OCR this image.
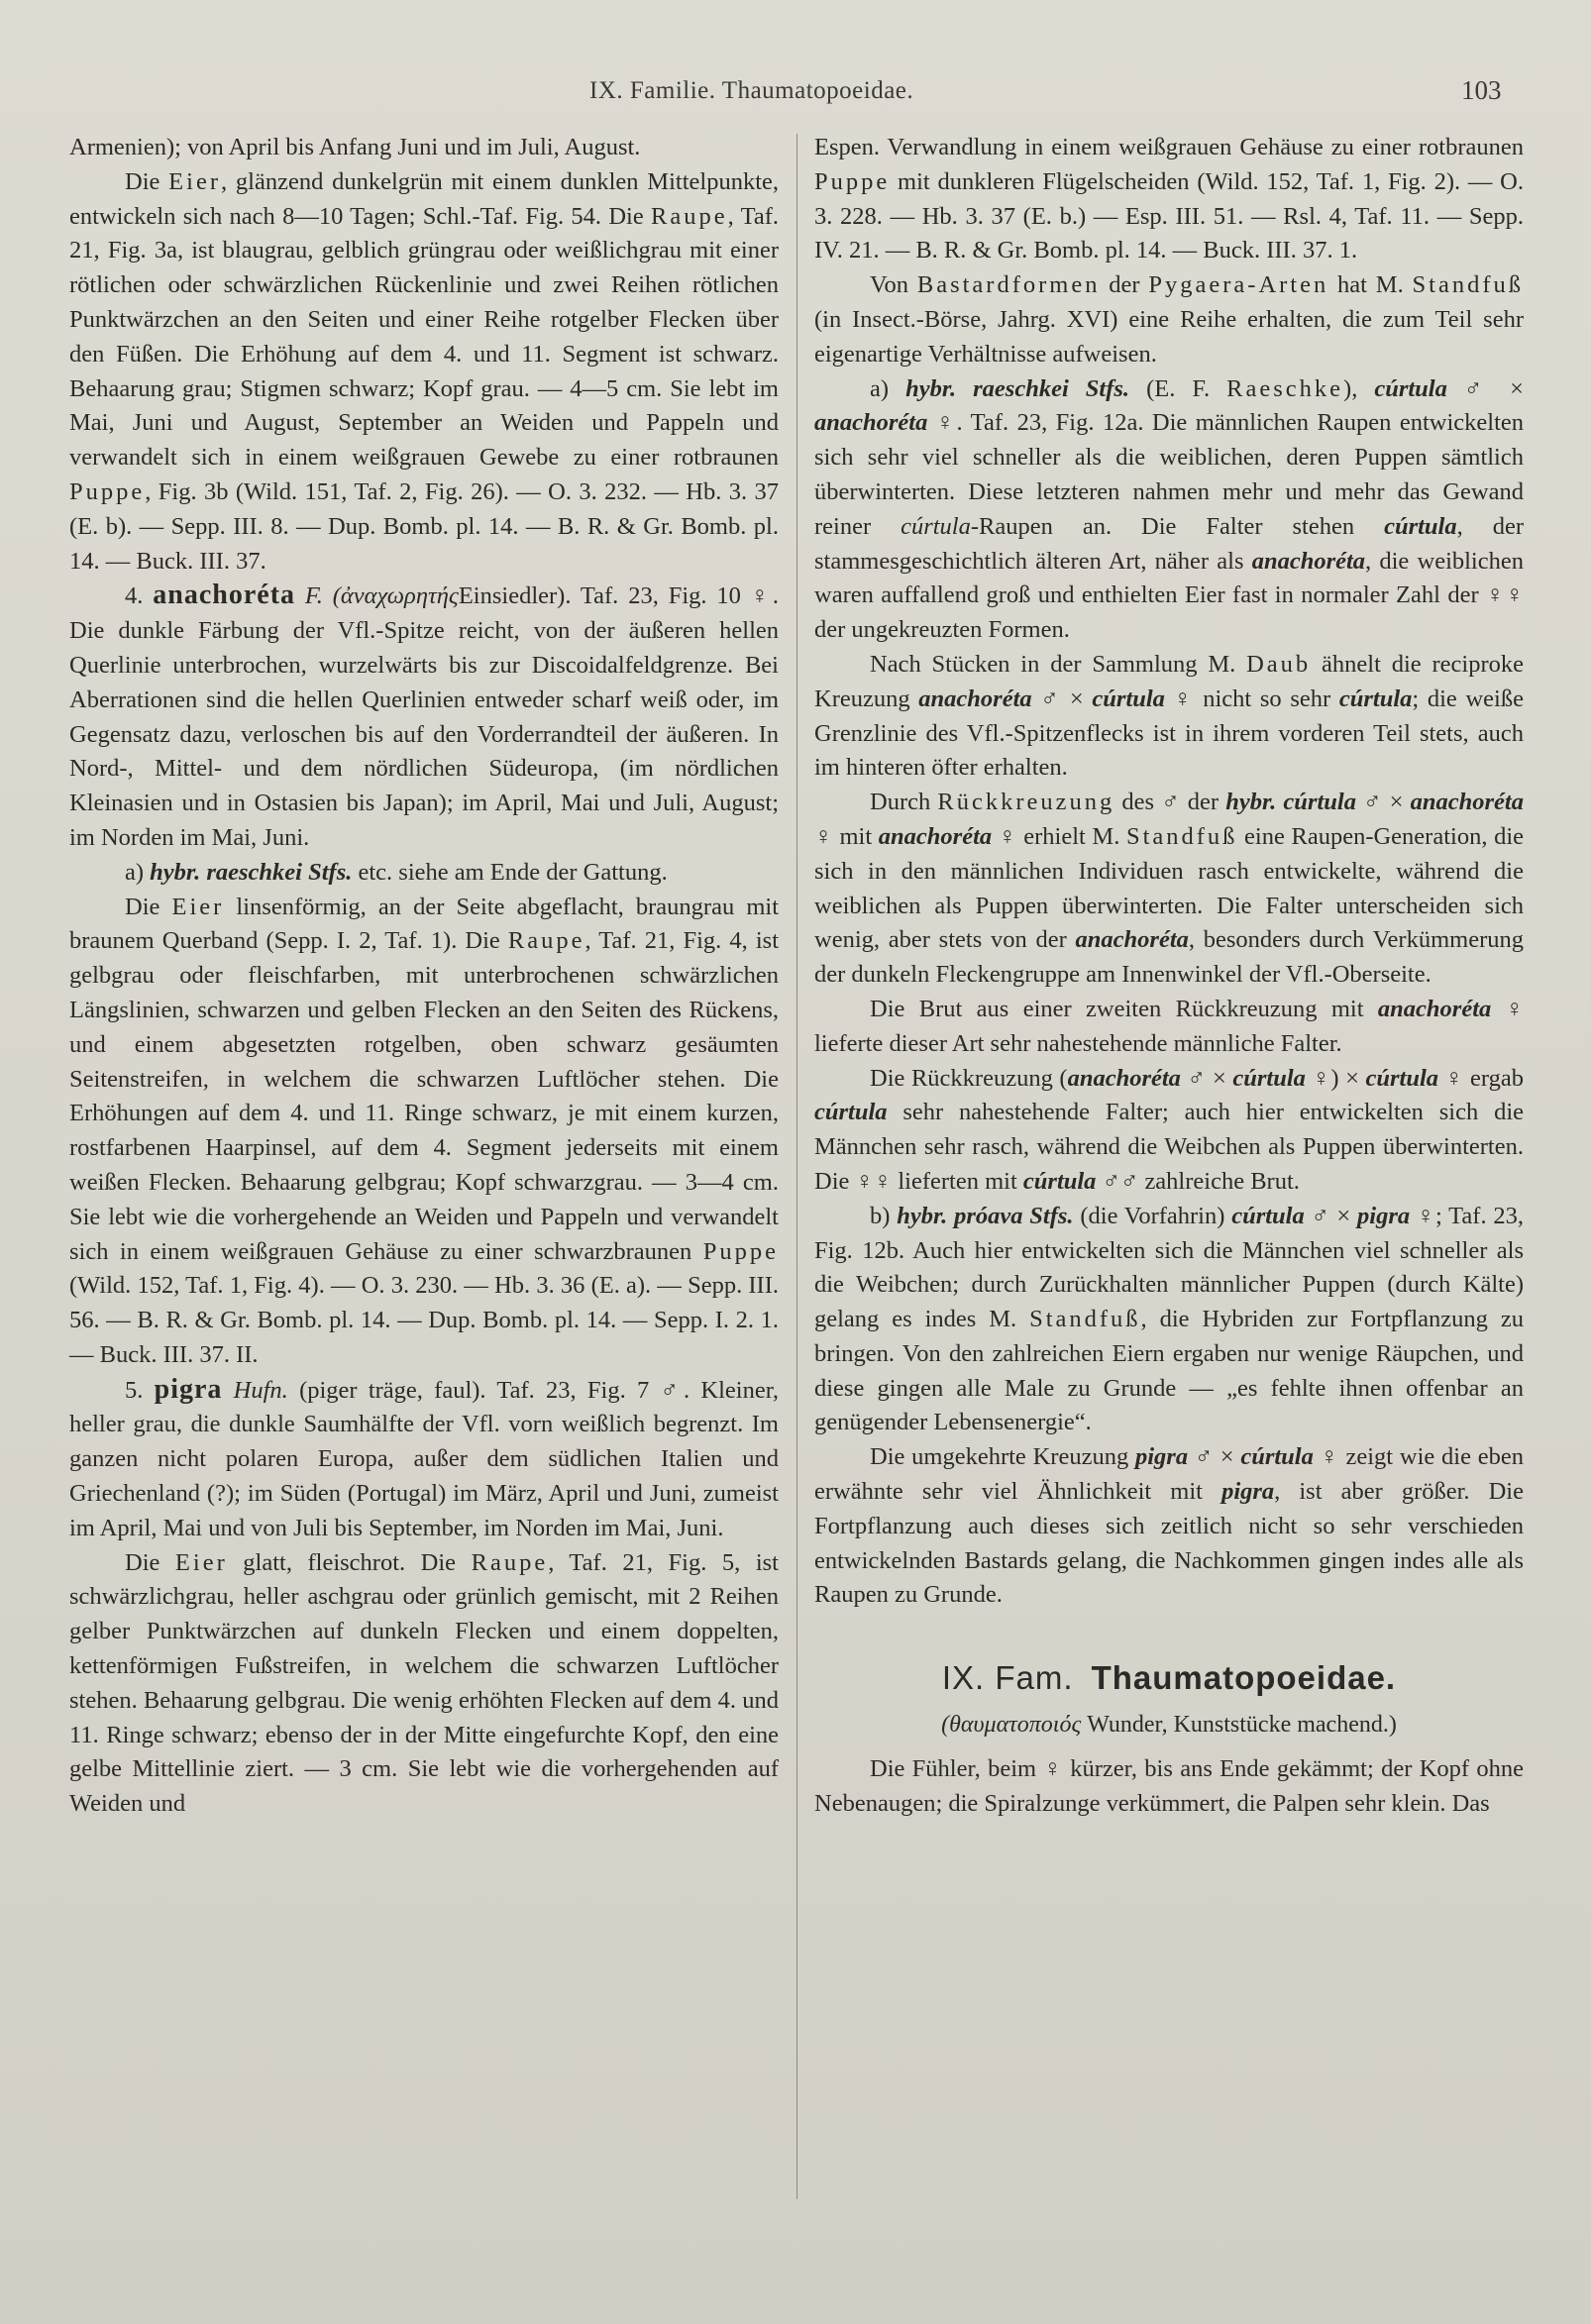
IX. Familie. Thaumatopoeidae.	103

Armenien); von April bis Anfang Juni und im Juli, August.

Die Eier, glänzend dunkelgrün mit einem dunklen Mittelpunkte, entwickeln sich nach 8—10 Tagen; Schl.-Taf. Fig. 54. Die Raupe, Taf. 21, Fig. 3a, ist blaugrau, gelblich grüngrau oder weißlichgrau mit einer rötlichen oder schwärzlichen Rückenlinie und zwei Reihen rötlichen Punktwärzchen an den Seiten und einer Reihe rotgelber Flecken über den Füßen. Die Erhöhung auf dem 4. und 11. Segment ist schwarz. Behaarung grau; Stigmen schwarz; Kopf grau. — 4—5 cm. Sie lebt im Mai, Juni und August, September an Weiden und Pappeln und verwandelt sich in einem weißgrauen Gewebe zu einer rotbraunen Puppe, Fig. 3b (Wild. 151, Taf. 2, Fig. 26). — O. 3. 232. — Hb. 3. 37 (E. b). — Sepp. III. 8. — Dup. Bomb. pl. 14. — B. R. & Gr. Bomb. pl. 14. — Buck. III. 37.

4. anachoréta F. (ἀναχωρητήςEinsiedler). Taf. 23, Fig. 10 ♀. Die dunkle Färbung der Vfl.-Spitze reicht, von der äußeren hellen Querlinie unterbrochen, wurzelwärts bis zur Discoidalfeldgrenze. Bei Aberrationen sind die hellen Querlinien entweder scharf weiß oder, im Gegensatz dazu, verloschen bis auf den Vorderrandteil der äußeren. In Nord-, Mittel- und dem nördlichen Südeuropa, (im nördlichen Kleinasien und in Ostasien bis Japan); im April, Mai und Juli, August; im Norden im Mai, Juni.

a) hybr. raeschkei Stfs. etc. siehe am Ende der Gattung.

Die Eier linsenförmig, an der Seite abgeflacht, braungrau mit braunem Querband (Sepp. I. 2, Taf. 1). Die Raupe, Taf. 21, Fig. 4, ist gelbgrau oder fleischfarben, mit unterbrochenen schwärzlichen Längslinien, schwarzen und gelben Flecken an den Seiten des Rückens, und einem abgesetzten rotgelben, oben schwarz gesäumten Seitenstreifen, in welchem die schwarzen Luftlöcher stehen. Die Erhöhungen auf dem 4. und 11. Ringe schwarz, je mit einem kurzen, rostfarbenen Haarpinsel, auf dem 4. Segment jederseits mit einem weißen Flecken. Behaarung gelbgrau; Kopf schwarzgrau. — 3—4 cm. Sie lebt wie die vorhergehende an Weiden und Pappeln und verwandelt sich in einem weißgrauen Gehäuse zu einer schwarzbraunen Puppe (Wild. 152, Taf. 1, Fig. 4). — O. 3. 230. — Hb. 3. 36 (E. a). — Sepp. III. 56. — B. R. & Gr. Bomb. pl. 14. — Dup. Bomb. pl. 14. — Sepp. I. 2. 1. — Buck. III. 37. II.

5. pigra Hufn. (piger träge, faul). Taf. 23, Fig. 7 ♂. Kleiner, heller grau, die dunkle Saumhälfte der Vfl. vorn weißlich begrenzt. Im ganzen nicht polaren Europa, außer dem südlichen Italien und Griechenland (?); im Süden (Portugal) im März, April und Juni, zumeist im April, Mai und von Juli bis September, im Norden im Mai, Juni.

Die Eier glatt, fleischrot. Die Raupe, Taf. 21, Fig. 5, ist schwärzlichgrau, heller aschgrau oder grünlich gemischt, mit 2 Reihen gelber Punktwärzchen auf dunkeln Flecken und einem doppelten, kettenförmigen Fußstreifen, in welchem die schwarzen Luftlöcher stehen. Behaarung gelbgrau. Die wenig erhöhten Flecken auf dem 4. und 11. Ringe schwarz; ebenso der in der Mitte eingefurchte Kopf, den eine gelbe Mittellinie ziert. — 3 cm. Sie lebt wie die vorhergehenden auf Weiden und

Espen. Verwandlung in einem weißgrauen Gehäuse zu einer rotbraunen Puppe mit dunkleren Flügelscheiden (Wild. 152, Taf. 1, Fig. 2). — O. 3. 228. — Hb. 3. 37 (E. b.) — Esp. III. 51. — Rsl. 4, Taf. 11. — Sepp. IV. 21. — B. R. & Gr. Bomb. pl. 14. — Buck. III. 37. 1.

Von Bastardformen der Pygaera-Arten hat M. Standfuß (in Insect.-Börse, Jahrg. XVI) eine Reihe erhalten, die zum Teil sehr eigenartige Verhältnisse aufweisen.

a) hybr. raeschkei Stfs. (E. F. Raeschke), cúrtula ♂ × anachoréta ♀. Taf. 23, Fig. 12a. Die männlichen Raupen entwickelten sich sehr viel schneller als die weiblichen, deren Puppen sämtlich überwinterten. Diese letzteren nahmen mehr und mehr das Gewand reiner cúrtula-Raupen an. Die Falter stehen cúrtula, der stammesgeschichtlich älteren Art, näher als anachoréta, die weiblichen waren auffallend groß und enthielten Eier fast in normaler Zahl der ♀♀ der ungekreuzten Formen.

Nach Stücken in der Sammlung M. Daub ähnelt die reciproke Kreuzung anachoréta ♂ × cúrtula ♀ nicht so sehr cúrtula; die weiße Grenzlinie des Vfl.-Spitzenflecks ist in ihrem vorderen Teil stets, auch im hinteren öfter erhalten.

Durch Rückkreuzung des ♂ der hybr. cúrtula ♂ × anachoréta ♀ mit anachoréta ♀ erhielt M. Standfuß eine Raupen-Generation, die sich in den männlichen Individuen rasch entwickelte, während die weiblichen als Puppen überwinterten. Die Falter unterscheiden sich wenig, aber stets von der anachoréta, besonders durch Verkümmerung der dunkeln Fleckengruppe am Innenwinkel der Vfl.-Oberseite.

Die Brut aus einer zweiten Rückkreuzung mit anachoréta ♀ lieferte dieser Art sehr nahestehende männliche Falter.

Die Rückkreuzung (anachoréta ♂ × cúrtula ♀) × cúrtula ♀ ergab cúrtula sehr nahestehende Falter; auch hier entwickelten sich die Männchen sehr rasch, während die Weibchen als Puppen überwinterten. Die ♀♀ lieferten mit cúrtula ♂♂ zahlreiche Brut.

b) hybr. próava Stfs. (die Vorfahrin) cúrtula ♂ × pigra ♀; Taf. 23, Fig. 12b. Auch hier entwickelten sich die Männchen viel schneller als die Weibchen; durch Zurückhalten männlicher Puppen (durch Kälte) gelang es indes M. Standfuß, die Hybriden zur Fortpflanzung zu bringen. Von den zahlreichen Eiern ergaben nur wenige Räupchen, und diese gingen alle Male zu Grunde — „es fehlte ihnen offenbar an genügender Lebensenergie“.

Die umgekehrte Kreuzung pigra ♂ × cúrtula ♀ zeigt wie die eben erwähnte sehr viel Ähnlichkeit mit pigra, ist aber größer. Die Fortpflanzung auch dieses sich zeitlich nicht so sehr verschieden entwickelnden Bastards gelang, die Nachkommen gingen indes alle als Raupen zu Grunde.

IX. Fam. Thaumatopoeidae.
(θαυματοποιός Wunder, Kunststücke machend.)

Die Fühler, beim ♀ kürzer, bis ans Ende gekämmt; der Kopf ohne Nebenaugen; die Spiralzunge verkümmert, die Palpen sehr klein. Das
